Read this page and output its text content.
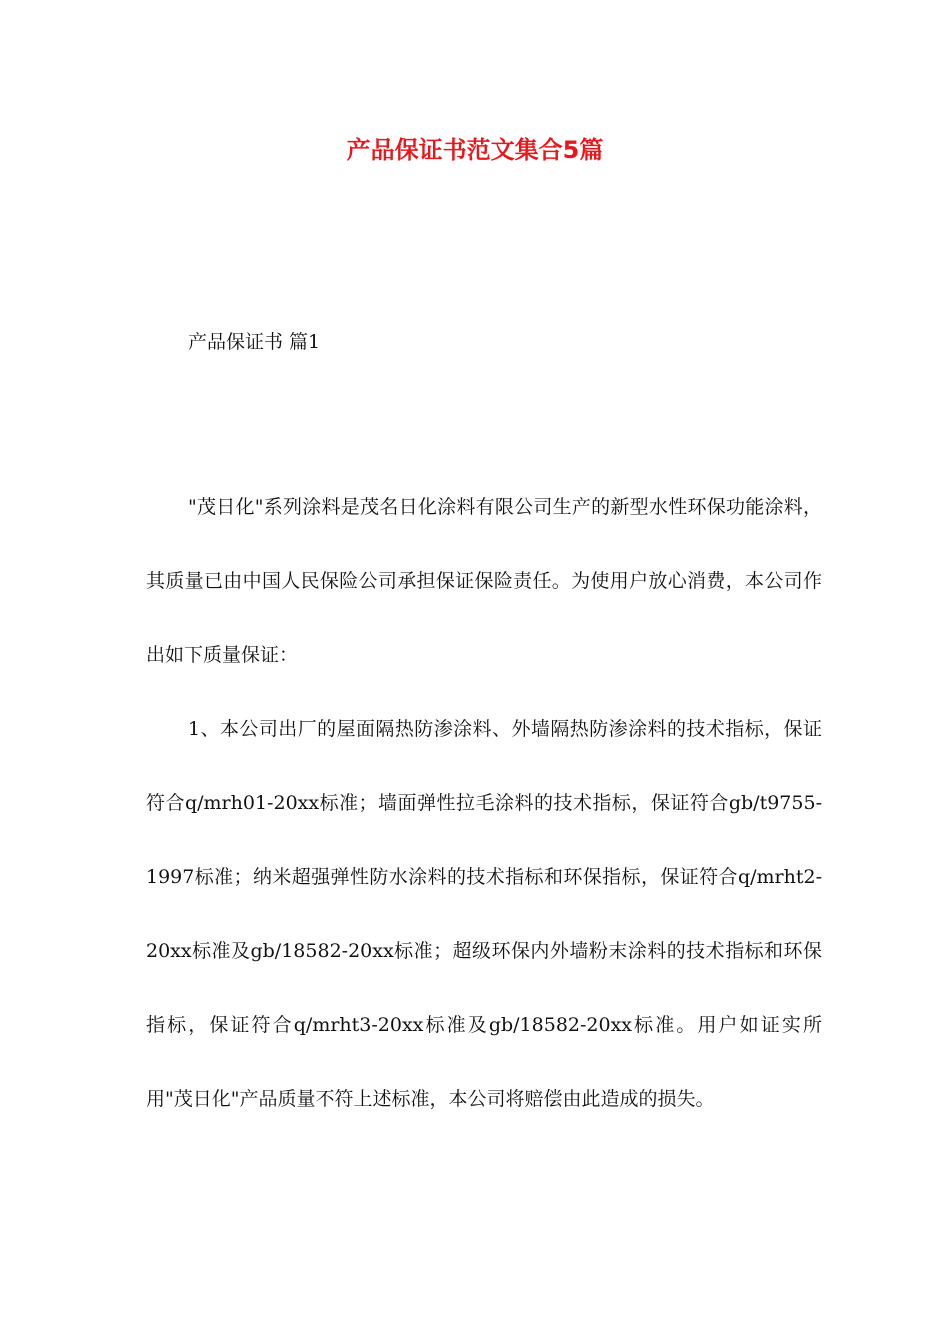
产品保证书范文集合5篇

产品保证书 篇1

"茂日化"系列涂料是茂名日化涂料有限公司生产的新型水性环保功能涂料，其质量已由中国人民保险公司承担保证保险责任。为使用户放心消费，本公司作出如下质量保证：

1、本公司出厂的屋面隔热防渗涂料、外墙隔热防渗涂料的技术指标，保证符合q/mrh01-20xx标准；墙面弹性拉毛涂料的技术指标，保证符合gb/t9755-1997标准；纳米超强弹性防水涂料的技术指标和环保指标，保证符合q/mrht2-20xx标准及gb/18582-20xx标准；超级环保内外墙粉末涂料的技术指标和环保指标，保证符合q/mrht3-20xx标准及gb/18582-20xx标准。用户如证实所用"茂日化"产品质量不符上述标准，本公司将赔偿由此造成的损失。
